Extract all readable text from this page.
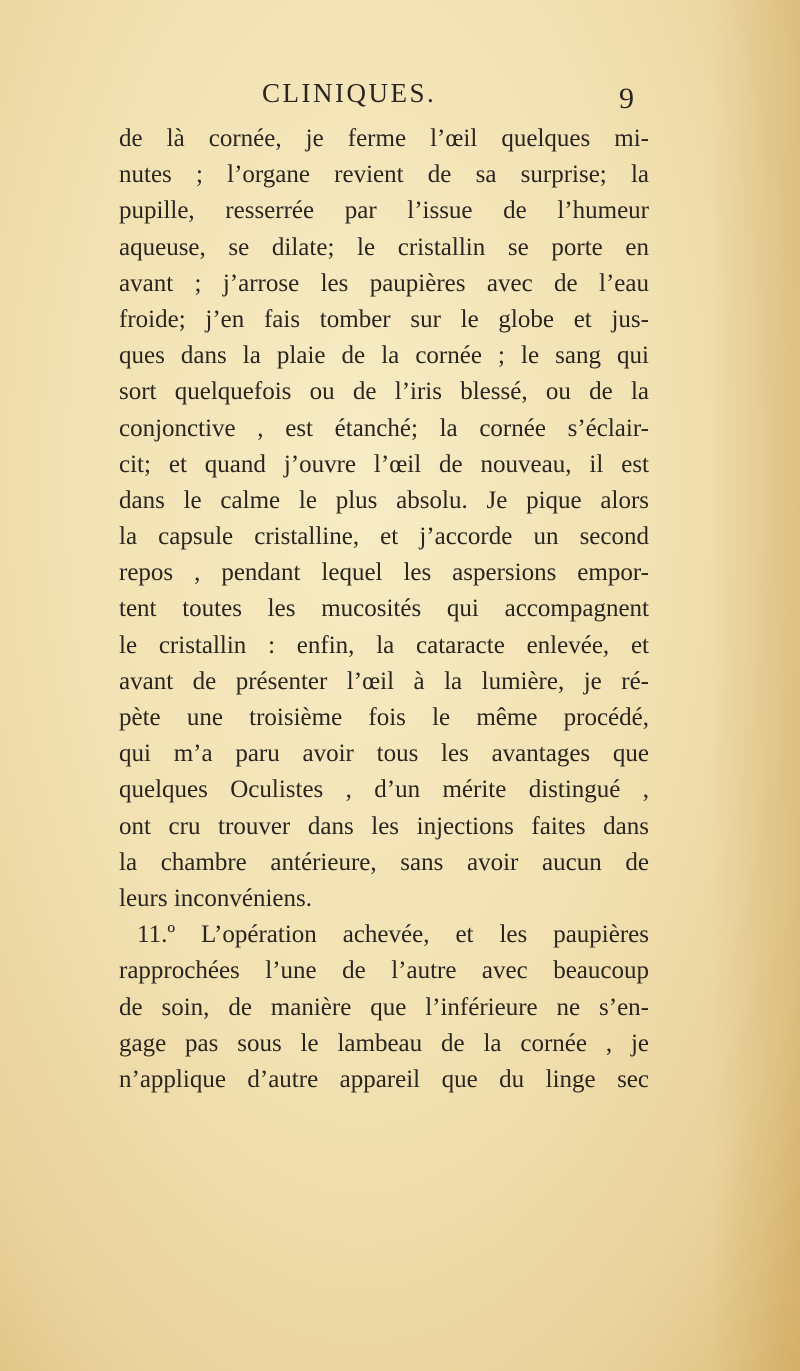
CLINIQUES.	9
de là cornée, je ferme l’œil quelques mi-
nutes ; l’organe revient de sa surprise; la
pupille, resserrée par l’issue de l’humeur
aqueuse, se dilate; le cristallin se porte en
avant ; j’arrose les paupières avec de l’eau
froide; j’en fais tomber sur le globe et jus-
ques dans la plaie de la cornée ; le sang qui
sort quelquefois ou de l’iris blessé, ou de la
conjonctive , est étanché; la cornée s’éclair-
cit; et quand j’ouvre l’œil de nouveau, il est
dans le calme le plus absolu. Je pique alors
la capsule cristalline, et j’accorde un second
repos , pendant lequel les aspersions empor-
tent toutes les mucosités qui accompagnent
le cristallin : enfin, la cataracte enlevée, et
avant de présenter l’œil à la lumière, je ré-
pète une troisième fois le même procédé,
qui m’a paru avoir tous les avantages que
quelques Oculistes , d’un mérite distingué ,
ont cru trouver dans les injections faites dans
la chambre antérieure, sans avoir aucun de
leurs inconvéniens.
11.º L’opération achevée, et les paupières
rapprochées l’une de l’autre avec beaucoup
de soin, de manière que l’inférieure ne s’en-
gage pas sous le lambeau de la cornée , je
n’applique d’autre appareil que du linge sec
